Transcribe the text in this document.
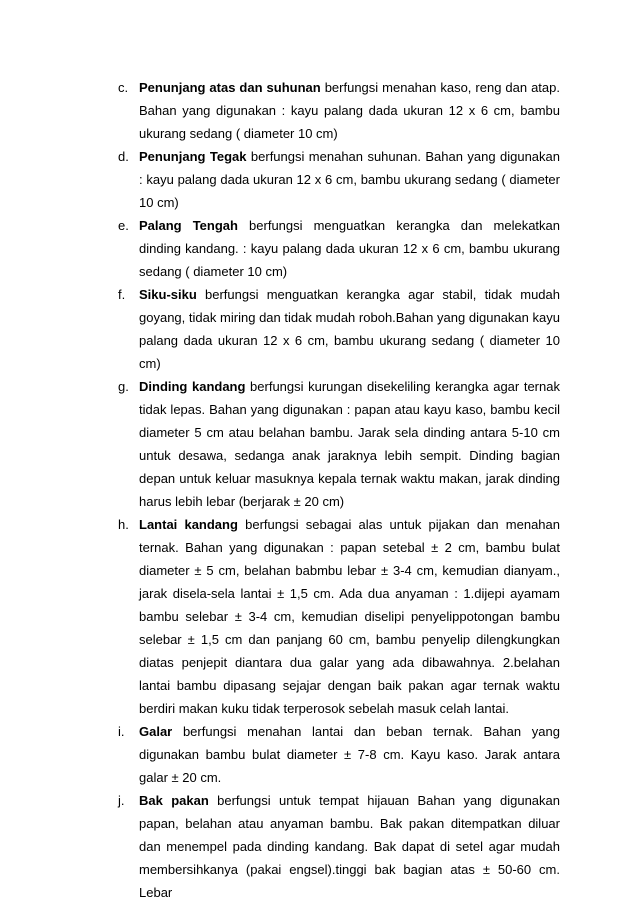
c. Penunjang atas dan suhunan berfungsi menahan kaso, reng dan atap. Bahan yang digunakan : kayu palang dada ukuran 12 x 6 cm, bambu ukurang sedang ( diameter 10 cm)
d. Penunjang Tegak berfungsi menahan suhunan. Bahan yang digunakan : kayu palang dada ukuran 12 x 6 cm, bambu ukurang sedang ( diameter 10 cm)
e. Palang Tengah berfungsi menguatkan kerangka dan melekatkan dinding kandang. : kayu palang dada ukuran 12 x 6 cm, bambu ukurang sedang ( diameter 10 cm)
f.	Siku-siku berfungsi menguatkan kerangka agar stabil, tidak mudah goyang, tidak miring dan tidak mudah roboh.Bahan yang digunakan kayu palang dada ukuran 12 x 6 cm, bambu ukurang sedang ( diameter 10 cm)
g. Dinding kandang berfungsi kurungan disekeliling kerangka agar ternak tidak lepas. Bahan yang digunakan : papan atau kayu kaso, bambu kecil diameter 5 cm atau belahan bambu. Jarak sela dinding antara 5-10 cm untuk desawa, sedanga anak jaraknya lebih sempit. Dinding bagian depan untuk keluar masuknya kepala ternak waktu makan, jarak dinding harus lebih lebar (berjarak ± 20 cm)
h. Lantai kandang berfungsi sebagai alas untuk pijakan dan menahan ternak. Bahan yang digunakan : papan setebal ± 2 cm, bambu bulat diameter ± 5 cm, belahan babmbu lebar ± 3-4 cm, kemudian dianyam., jarak disela-sela lantai ± 1,5 cm. Ada dua anyaman : 1.dijepi ayamam bambu selebar ± 3-4 cm, kemudian diselipi penyelippotongan bambu selebar ± 1,5 cm dan panjang 60 cm, bambu penyelip dilengkungkan diatas penjepit diantara dua galar yang ada dibawahnya. 2.belahan lantai bambu dipasang sejajar dengan baik pakan agar ternak waktu berdiri makan kuku tidak terperosok sebelah masuk celah lantai.
i.	Galar berfungsi menahan lantai dan beban ternak. Bahan yang digunakan bambu bulat diameter ± 7-8 cm. Kayu kaso. Jarak antara galar ± 20 cm.
j.	Bak pakan berfungsi untuk tempat hijauan Bahan yang digunakan papan, belahan atau anyaman bambu. Bak pakan ditempatkan diluar dan menempel pada dinding kandang. Bak dapat di setel agar mudah membersihkanya (pakai engsel).tinggi bak bagian atas ± 50-60 cm. Lebar
